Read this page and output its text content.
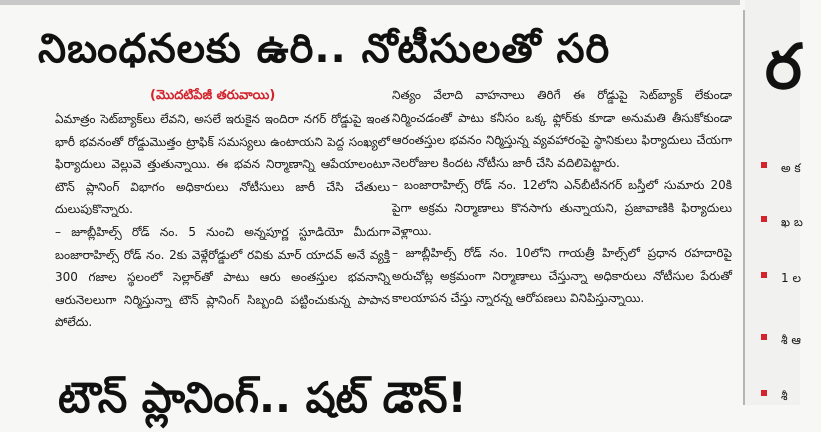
నిబంధనలకు ఉరి.. నోటీసులతో సరి
(మొదటిపేజీ తరువాయి)

ఏమాత్రం సెట్‌బ్యాక్‌లు లేవని, అసలే ఇరుకైన ఇందిరా నగర్‌ రోడ్డుపై ఇంత భారీ భవనంతో రోడ్డుమొత్తం ట్రాఫిక్‌ సమస్యలు ఉంటాయని పెద్ద సంఖ్యలో ఫిర్యాదులు వెల్లువె త్తుతున్నాయి. ఈ భవన నిర్మాణాన్ని ఆపేయాలంటూ టౌన్‌ ప్లానింగ్‌ విభాగం అధికారులు నోటీసులు జారీ చేసి చేతులు దులుపుకొన్నారు.

– జూబ్లీహిల్స్‌ రోడ్‌ నం. 5 నుంచి అన్నపూర్ణ స్టూడియో మీదుగా బంజారాహిల్స్‌ రోడ్‌ నం. 2కు వెళ్లేరోడ్డులో రవికు మార్‌ యాదవ్‌ అనే వ్యక్తి 300 గజాల స్థలంలో సెల్లార్‌తో పాటు ఆరు అంతస్తుల భవనాన్ని ఆరునెలలుగా నిర్మిస్తున్నా టౌన్‌ ప్లానింగ్‌ సిబ్బంది పట్టించుకున్న పాపాన పోలేదు.

నిత్యం వేలాది వాహనాలు తిరిగే ఈ రోడ్డుపై సెట్‌బ్యాక్‌ లేకుండా నిర్మించడంతో పాటు కనీసం ఒక్క ఫ్లోర్‌కు కూడా అనుమతి తీసుకోకుండా ఆరంతస్తుల భవనం నిర్మిస్తున్న వ్యవహారంపై స్థానికులు ఫిర్యాదులు చేయగా నెలరోజుల కిందట నోటీసు జారీ చేసి వదిలిపెట్టారు.

– బంజారాహిల్స్‌ రోడ్‌ నం. 12లోని ఎన్‌బీటీనగర్‌ బస్తీలో సుమారు 20కి పైగా అక్రమ నిర్మాణాలు కొనసాగు తున్నాయని, ప్రజావాణికి ఫిర్యాదులు వెళ్లాయి.

– జూబ్లీహిల్స్‌ రోడ్‌ నం. 10లోని గాయత్రీ హిల్స్‌లో ప్రధాన రహదారిపై అరుచోట్ల అక్రమంగా నిర్మాణాలు చేస్తున్నా అధికారులు నోటీసుల పేరుతో కాలయాపన చేస్తు న్నారన్న ఆరోపణలు వినిపిస్తున్నాయి.

టౌన్‌ ప్లానింగ్‌.. షట్‌ డౌన్‌!
ర
అ క
ఖ బ
1 ల
శీ ఆ
శీ
